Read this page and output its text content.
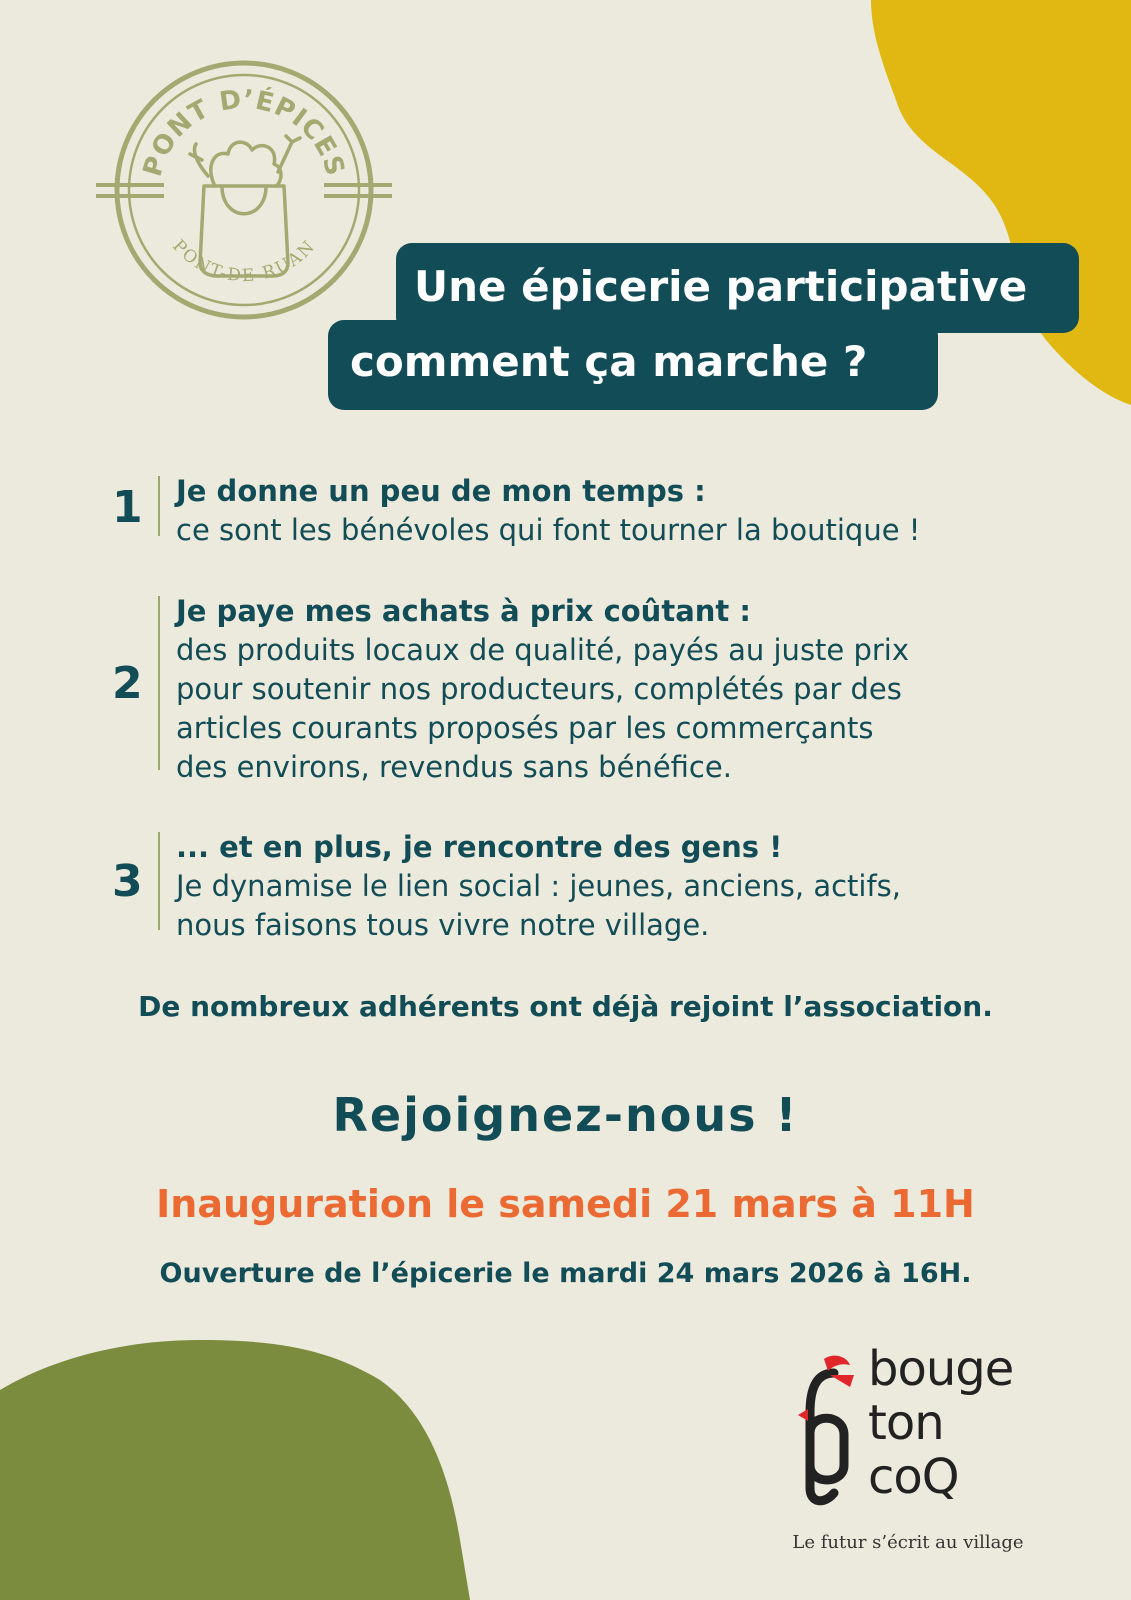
PONT D’ÉPICES
PONT-DE-RUAN
Une épicerie participative
comment ça marche ?
1 Je donne un peu de mon temps :
ce sont les bénévoles qui font tourner la boutique !
2
Je paye mes achats à prix coûtant :
des produits locaux de qualité, payés au juste prix
pour soutenir nos producteurs, complétés par des
articles courants proposés par les commerçants
des environs, revendus sans bénéfice.
3
... et en plus, je rencontre des gens !
Je dynamise le lien social : jeunes, anciens, actifs,
nous faisons tous vivre notre village.
De nombreux adhérents ont déjà rejoint l’association.
Rejoignez-nous !
Inauguration le samedi 21 mars à 11H
Ouverture de l’épicerie le mardi 24 mars 2026 à 16H.
bouge
ton
coQ
Le futur s’écrit au village
